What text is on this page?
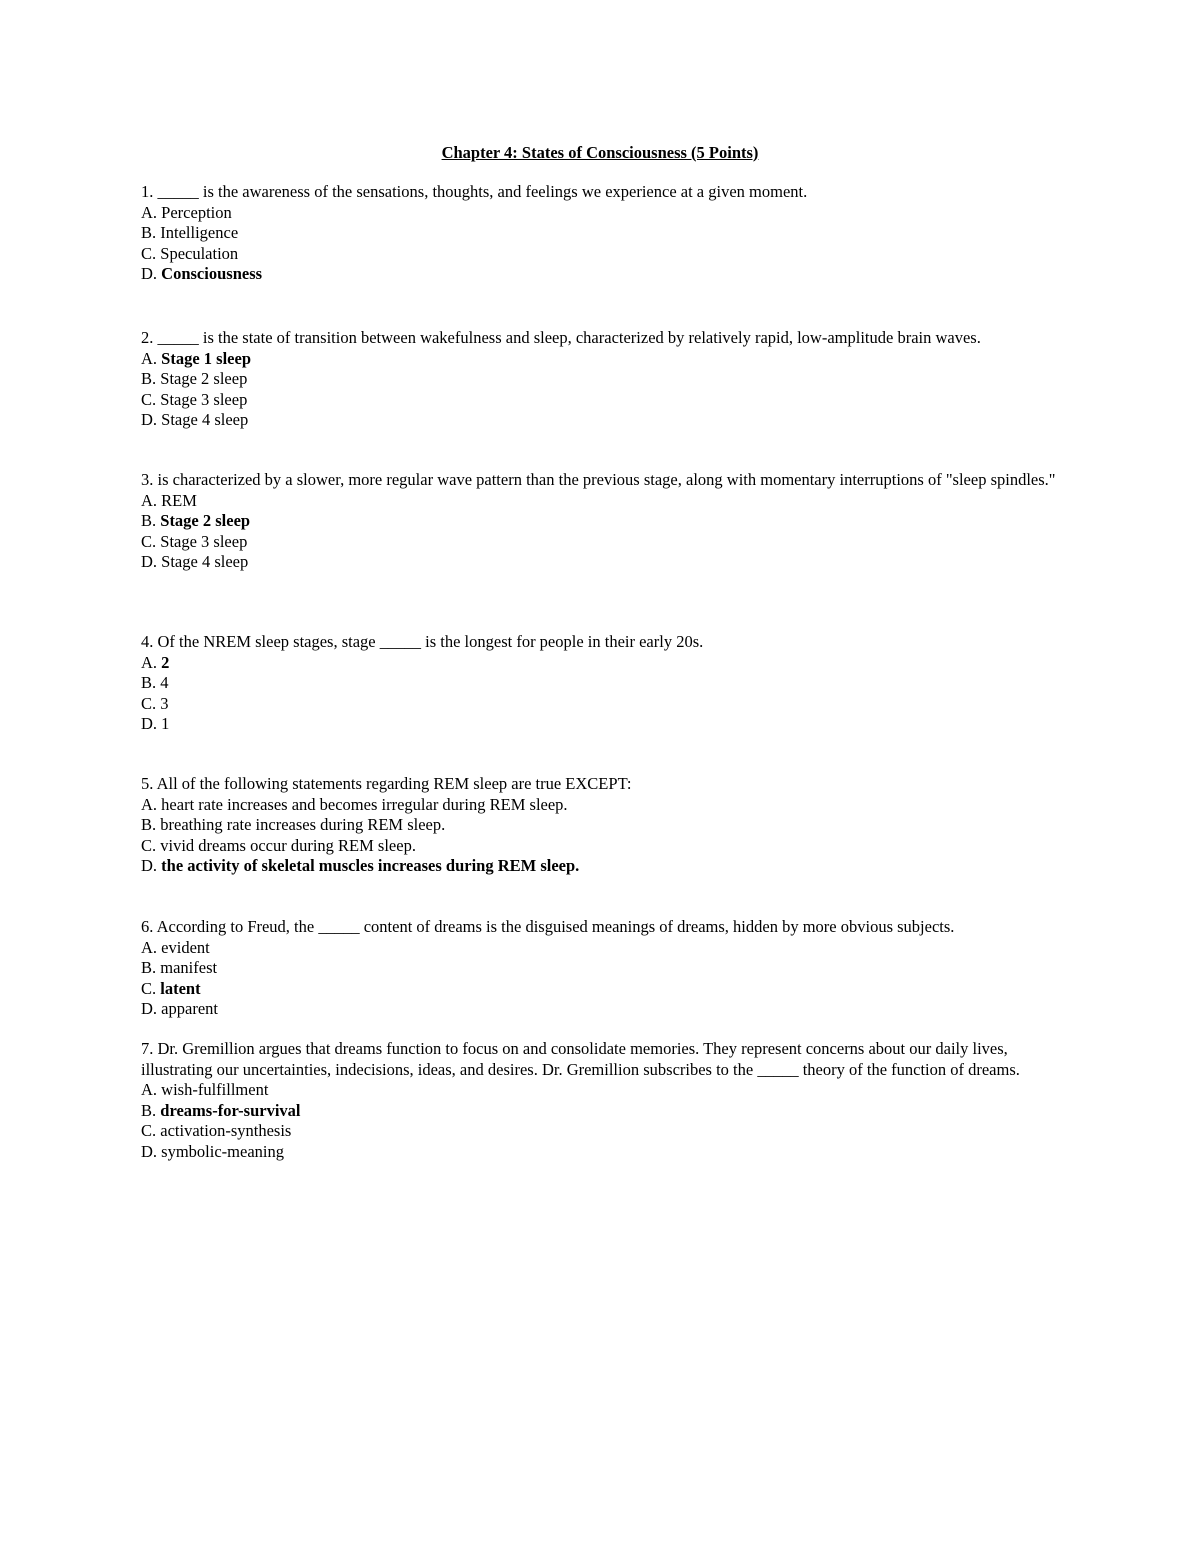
Chapter 4: States of Consciousness (5 Points)
1. _____ is the awareness of the sensations, thoughts, and feelings we experience at a given moment.
A. Perception
B. Intelligence
C. Speculation
D. Consciousness
2. _____ is the state of transition between wakefulness and sleep, characterized by relatively rapid, low-amplitude brain waves.
A. Stage 1 sleep
B. Stage 2 sleep
C. Stage 3 sleep
D. Stage 4 sleep
3. is characterized by a slower, more regular wave pattern than the previous stage, along with momentary interruptions of "sleep spindles."
A. REM
B. Stage 2 sleep
C. Stage 3 sleep
D. Stage 4 sleep
4. Of the NREM sleep stages, stage _____ is the longest for people in their early 20s.
A. 2
B. 4
C. 3
D. 1
5. All of the following statements regarding REM sleep are true EXCEPT:
A. heart rate increases and becomes irregular during REM sleep.
B. breathing rate increases during REM sleep.
C. vivid dreams occur during REM sleep.
D. the activity of skeletal muscles increases during REM sleep.
6. According to Freud, the _____ content of dreams is the disguised meanings of dreams, hidden by more obvious subjects.
A. evident
B. manifest
C. latent
D. apparent
7. Dr. Gremillion argues that dreams function to focus on and consolidate memories. They represent concerns about our daily lives, illustrating our uncertainties, indecisions, ideas, and desires. Dr. Gremillion subscribes to the _____ theory of the function of dreams.
A. wish-fulfillment
B. dreams-for-survival
C. activation-synthesis
D. symbolic-meaning
